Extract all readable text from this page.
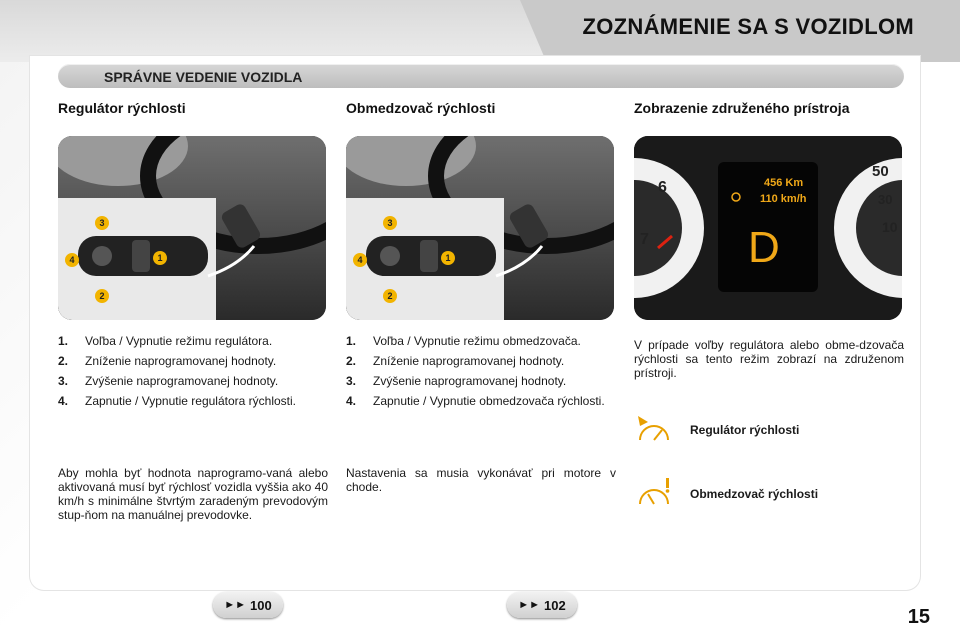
ZOZNÁMENIE SA S VOZIDLOM
SPRÁVNE VEDENIE VOZIDLA
Regulátor rýchlosti
3
4	1
2
1. Voľba / Vypnutie režimu regulátora.
2. Zníženie naprogramovanej hodnoty.
3. Zvýšenie naprogramovanej hodnoty.
4. Zapnutie / Vypnutie regulátora rýchlosti.
Aby mohla byť hodnota naprogramo-vaná alebo aktivovaná musí byť rýchlosť vozidla vyššia ako 40 km/h s minimálne štvrtým zaradeným prevodovým stup-ňom na manuálnej prevodovke.
Obmedzovač rýchlosti
3
4	1
2
1. Voľba / Vypnutie režimu obmedzovača.
2. Zníženie naprogramovanej hodnoty.
3. Zvýšenie naprogramovanej hodnoty.
4. Zapnutie / Vypnutie obmedzovača rýchlosti.
Nastavenia sa musia vykonávať pri motore v chode.
Zobrazenie združeného prístroja
6
7
50
30
10
456 Km
110 km/h
D
V prípade voľby regulátora alebo obme-dzovača rýchlosti sa tento režim zobrazí na združenom prístroji.
Regulátor rýchlosti
Obmedzovač rýchlosti
►► 100	►► 102
15
